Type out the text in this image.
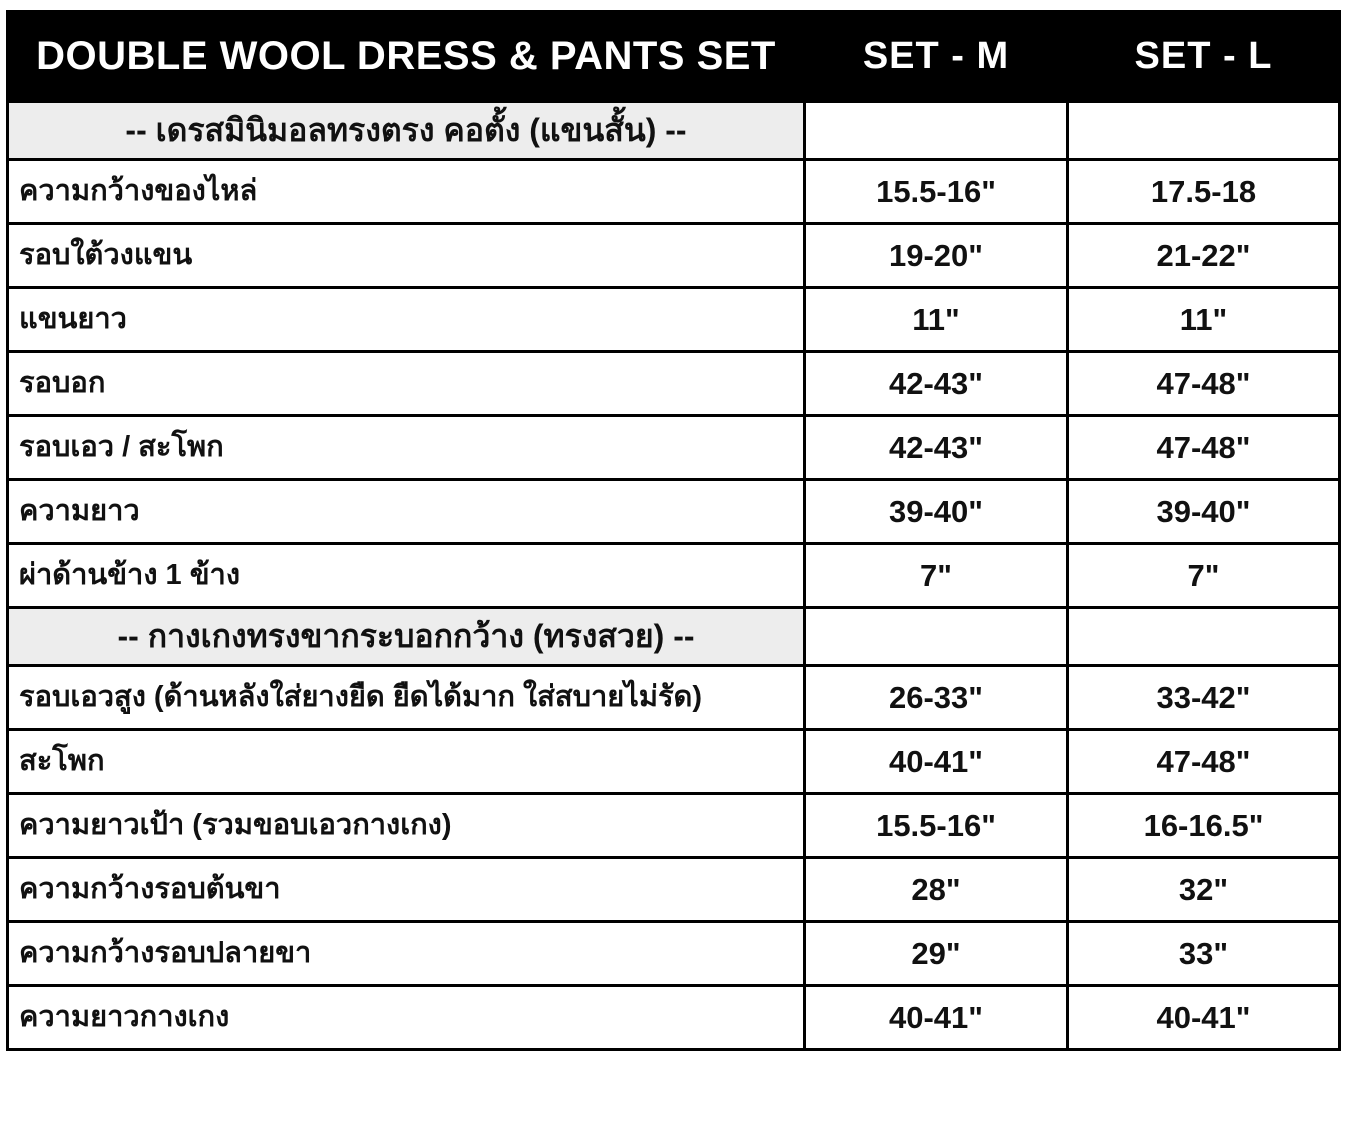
DOUBLE WOOL DRESS & PANTS SET	SET - M	SET - L
-- เดรสมินิมอลทรงตรง คอตั้ง (แขนสั้น) --		
ความกว้างของไหล่	15.5-16"	17.5-18
รอบใต้วงแขน	19-20"	21-22"
แขนยาว	11"	11"
รอบอก	42-43"	47-48"
รอบเอว / สะโพก	42-43"	47-48"
ความยาว	39-40"	39-40"
ผ่าด้านข้าง 1 ข้าง	7"	7"
-- กางเกงทรงขากระบอกกว้าง (ทรงสวย) --		
รอบเอวสูง (ด้านหลังใส่ยางยืด ยืดได้มาก ใส่สบายไม่รัด)	26-33"	33-42"
สะโพก	40-41"	47-48"
ความยาวเป้า (รวมขอบเอวกางเกง)	15.5-16"	16-16.5"
ความกว้างรอบต้นขา	28"	32"
ความกว้างรอบปลายขา	29"	33"
ความยาวกางเกง	40-41"	40-41"
